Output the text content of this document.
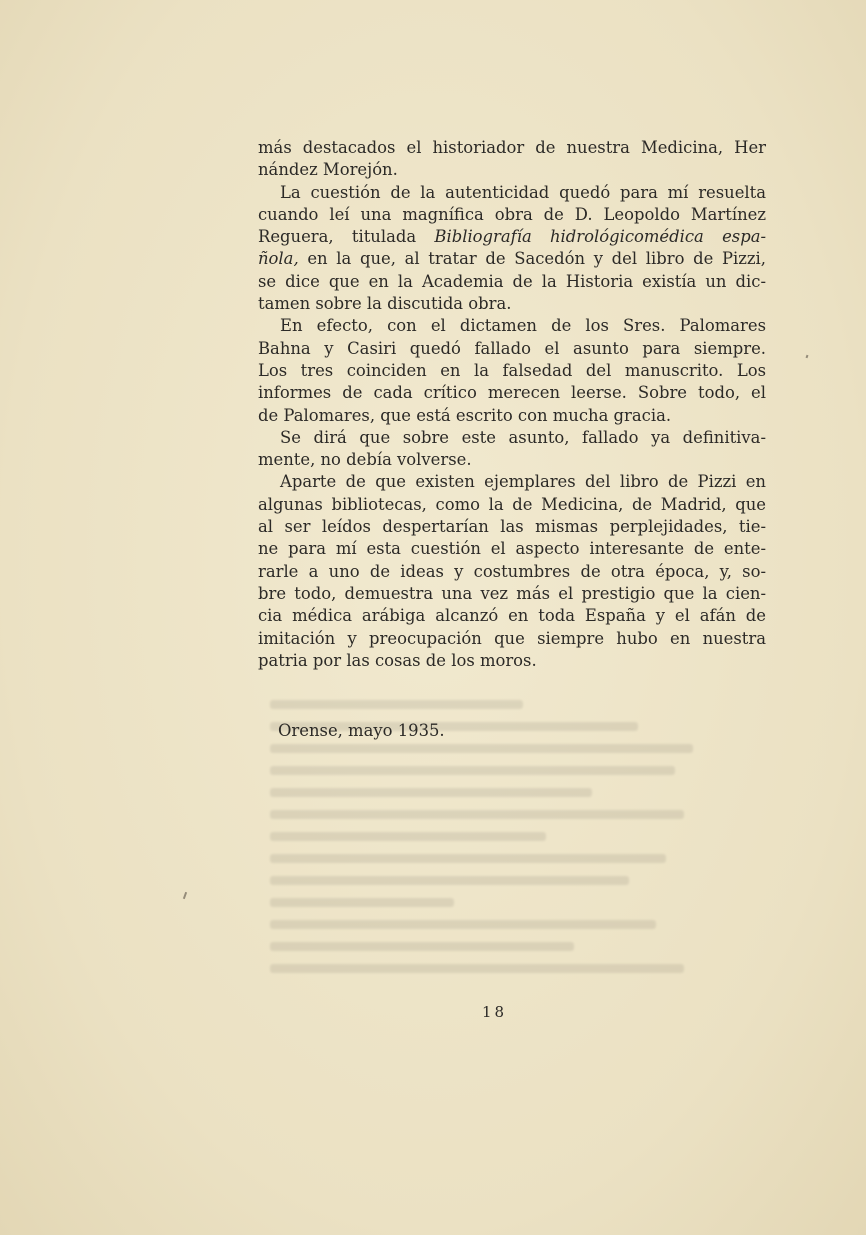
más destacados el historiador de nuestra Medicina, Her
nández Morejón.
La cuestión de la autenticidad quedó para mí resuelta
cuando leí una magnífica obra de D. Leopoldo Martínez
Reguera, titulada Bibliografía hidrológicomédica espa-
ñola, en la que, al tratar de Sacedón y del libro de Pizzi,
se dice que en la Academia de la Historia existía un dic-
tamen sobre la discutida obra.
En efecto, con el dictamen de los Sres. Palomares
Bahna y Casiri quedó fallado el asunto para siempre.
Los tres coinciden en la falsedad del manuscrito. Los
informes de cada crítico merecen leerse. Sobre todo, el
de Palomares, que está escrito con mucha gracia.
Se dirá que sobre este asunto, fallado ya definitiva-
mente, no debía volverse.
Aparte de que existen ejemplares del libro de Pizzi en
algunas bibliotecas, como la de Medicina, de Madrid, que
al ser leídos despertarían las mismas perplejidades, tie-
ne para mí esta cuestión el aspecto interesante de ente-
rarle a uno de ideas y costumbres de otra época, y, so-
bre todo, demuestra una vez más el prestigio que la cien-
cia médica arábiga alcanzó en toda España y el afán de
imitación y preocupación que siempre hubo en nuestra
patria por las cosas de los moros.
Orense, mayo 1935.
18
